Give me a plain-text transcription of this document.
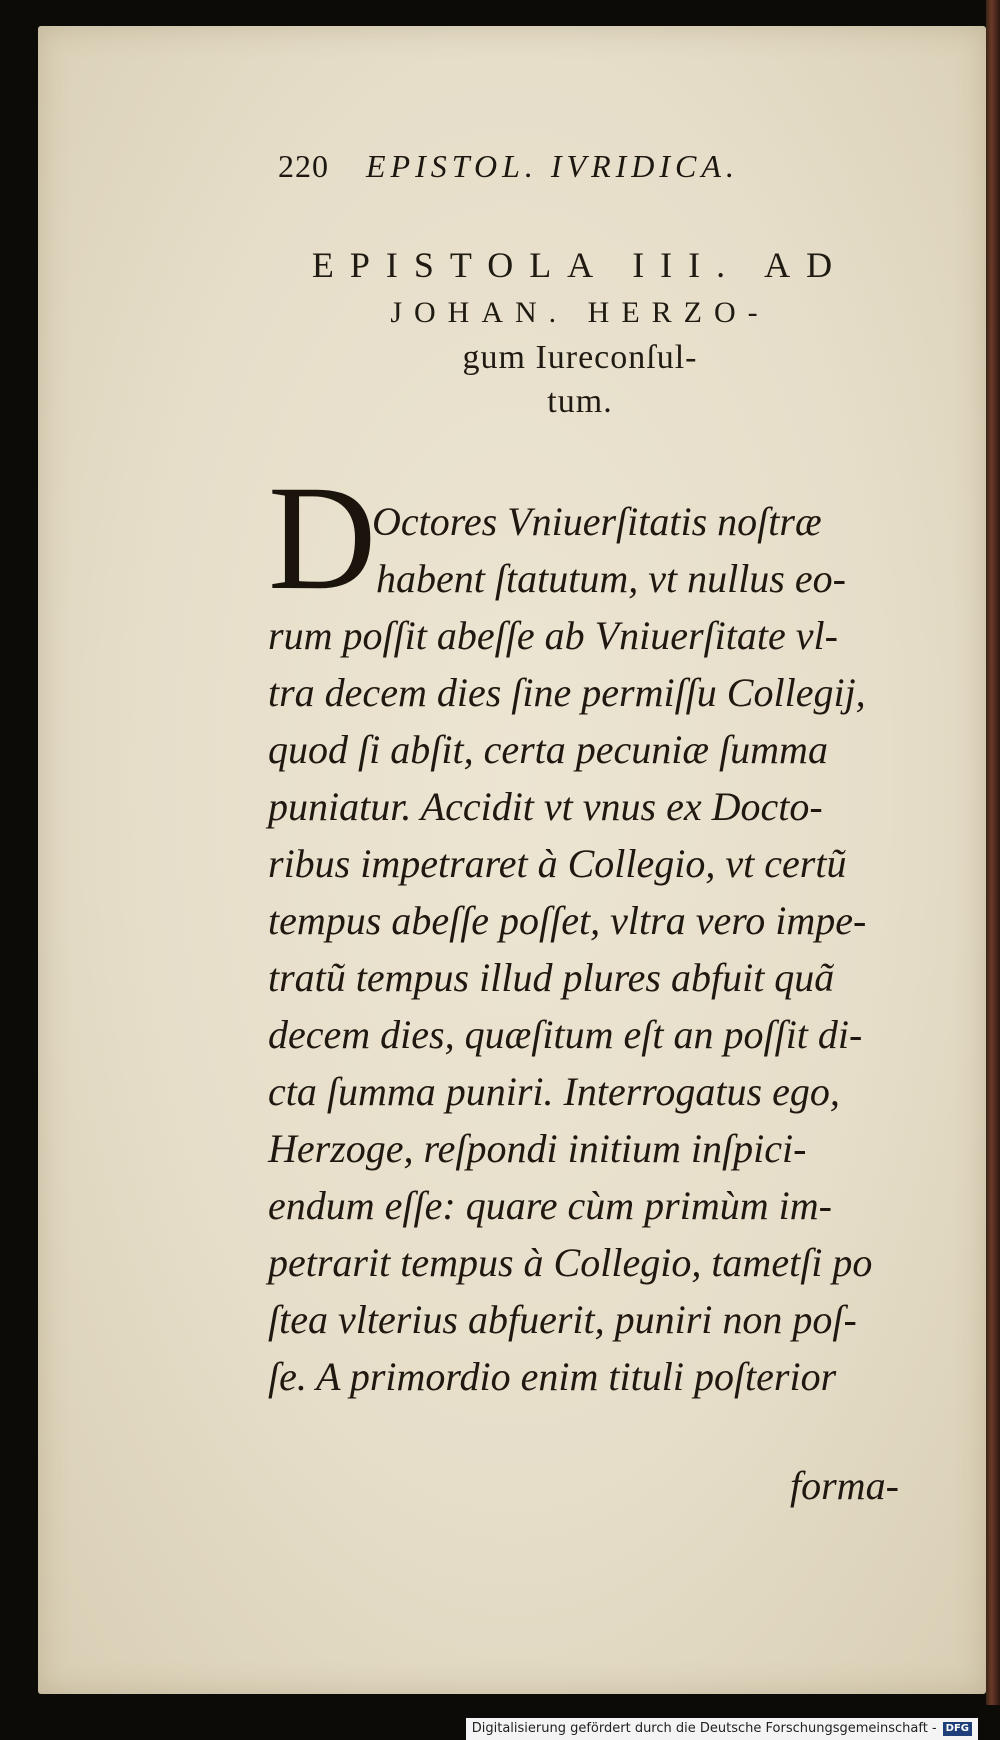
220 EPISTOL. IVRIDICA.
EPISTOLA III. AD
JOHAN. HERZO-
gum Iureconſul-
tum.
D
Octores Vniuerſitatis noſtræ
habent ſtatutum, vt nullus eo-
rum poſſit abeſſe ab Vniuerſitate vl-
tra decem dies ſine permiſſu Collegij,
quod ſi abſit, certa pecuniæ ſumma
puniatur. Accidit vt vnus ex Docto-
ribus impetraret à Collegio, vt certũ
tempus abeſſe poſſet, vltra vero impe-
tratũ tempus illud plures abfuit quã
decem dies, quæſitum eſt an poſſit di-
cta ſumma puniri. Interrogatus ego,
Herzoge, reſpondi initium inſpici-
endum eſſe: quare cùm primùm im-
petrarit tempus à Collegio, tametſi po
ſtea vlterius abfuerit, puniri non poſ-
ſe. A primordio enim tituli poſterior
forma-
Digitalisierung gefördert durch die Deutsche Forschungsgemeinschaft - DFG
